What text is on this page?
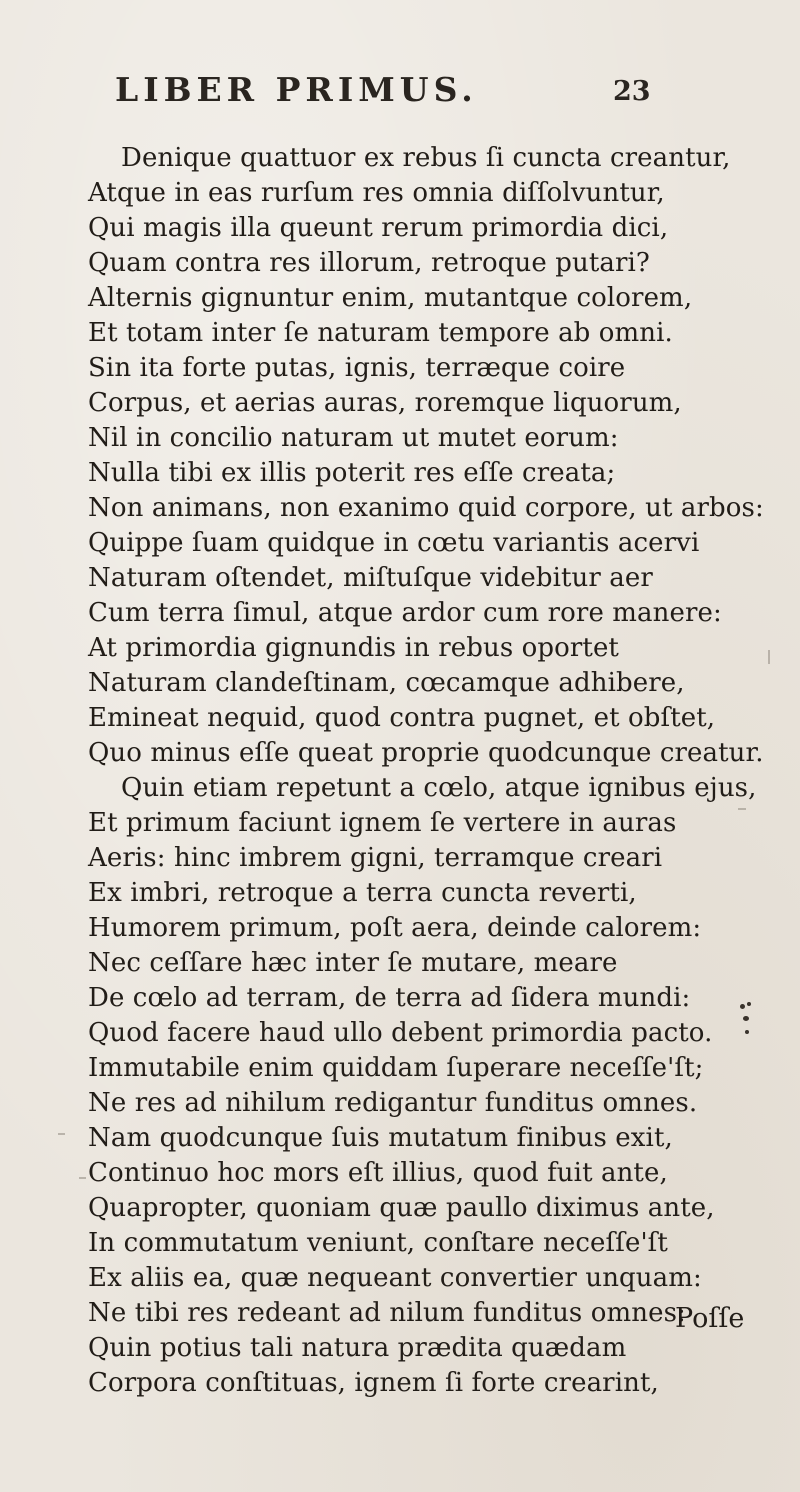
LIBER PRIMUS.	23
Denique quattuor ex rebus ſi cuncta creantur,
Atque in eas rurſum res omnia diſſolvuntur,
Qui magis illa queunt rerum primordia dici,
Quam contra res illorum, retroque putari?
Alternis gignuntur enim, mutantque colorem,
Et totam inter ſe naturam tempore ab omni.
Sin ita forte putas, ignis, terræque coire
Corpus, et aerias auras, roremque liquorum,
Nil in concilio naturam ut mutet eorum:
Nulla tibi ex illis poterit res eſſe creata;
Non animans, non exanimo quid corpore, ut arbos:
Quippe ſuam quidque in cœtu variantis acervi
Naturam oſtendet, miſtuſque videbitur aer
Cum terra ſimul, atque ardor cum rore manere:
At primordia gignundis in rebus oportet
Naturam clandeſtinam, cœcamque adhibere,
Emineat nequid, quod contra pugnet, et obſtet,
Quo minus eſſe queat proprie quodcunque creatur.
Quin etiam repetunt a cœlo, atque ignibus ejus,
Et primum faciunt ignem ſe vertere in auras
Aeris: hinc imbrem gigni, terramque creari
Ex imbri, retroque a terra cuncta reverti,
Humorem primum, poſt aera, deinde calorem:
Nec ceſſare hæc inter ſe mutare, meare
De cœlo ad terram, de terra ad ſidera mundi:
Quod facere haud ullo debent primordia pacto.
Immutabile enim quiddam ſuperare neceſſe'ſt;
Ne res ad nihilum redigantur funditus omnes.
Nam quodcunque ſuis mutatum finibus exit,
Continuo hoc mors eſt illius, quod fuit ante,
Quapropter, quoniam quæ paullo diximus ante,
In commutatum veniunt, conſtare neceſſe'ſt
Ex aliis ea, quæ nequeant convertier unquam:
Ne tibi res redeant ad nilum funditus omnes:
Quin potius tali natura prædita quædam
Corpora conſtituas, ignem ſi forte crearint,
Poſſe
